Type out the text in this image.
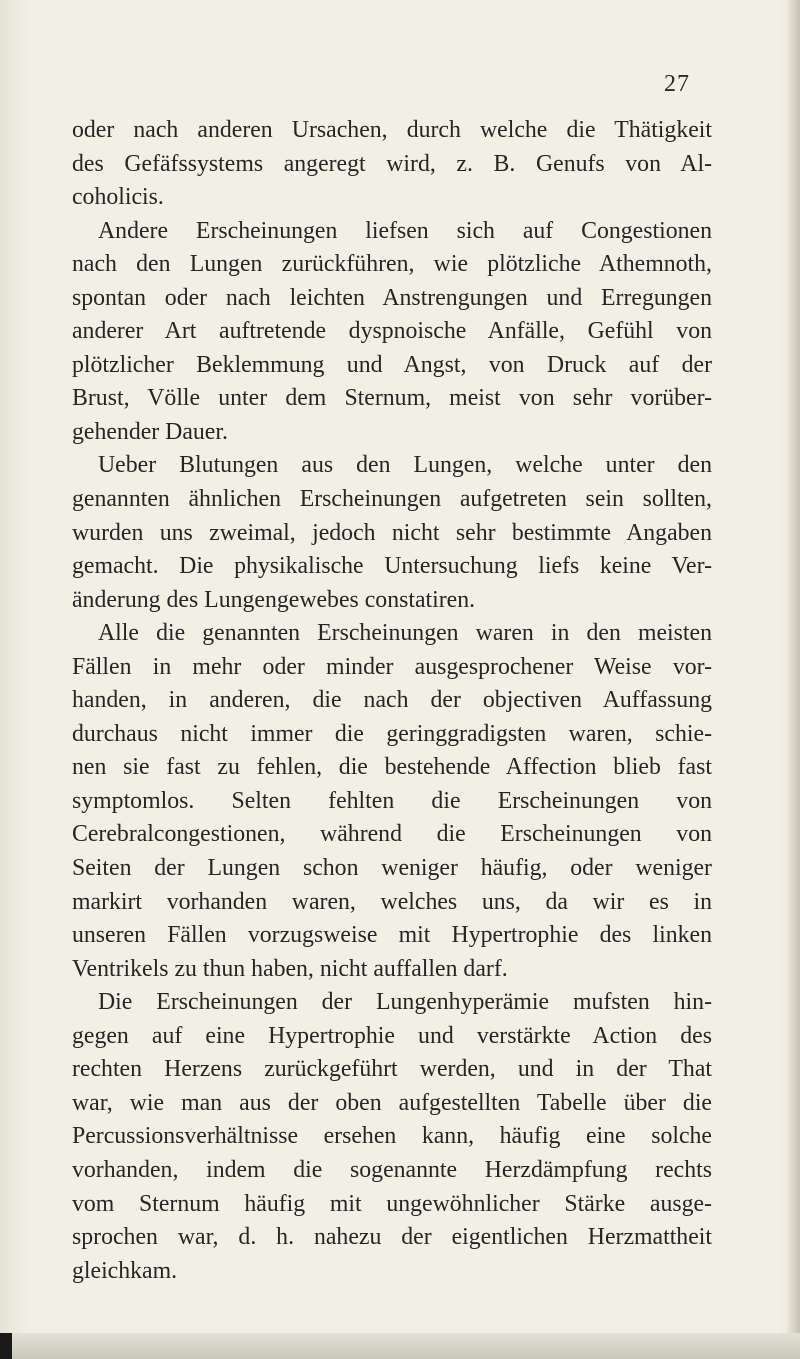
27
oder nach anderen Ursachen, durch welche die Thätigkeit
des Gefäfssystems angeregt wird, z. B. Genufs von Al-
coholicis.
Andere Erscheinungen liefsen sich auf Congestionen
nach den Lungen zurückführen, wie plötzliche Athemnoth,
spontan oder nach leichten Anstrengungen und Erregungen
anderer Art auftretende dyspnoische Anfälle, Gefühl von
plötzlicher Beklemmung und Angst, von Druck auf der
Brust, Völle unter dem Sternum, meist von sehr vorüber-
gehender Dauer.
Ueber Blutungen aus den Lungen, welche unter den
genannten ähnlichen Erscheinungen aufgetreten sein sollten,
wurden uns zweimal, jedoch nicht sehr bestimmte Angaben
gemacht. Die physikalische Untersuchung liefs keine Ver-
änderung des Lungengewebes constatiren.
Alle die genannten Erscheinungen waren in den meisten
Fällen in mehr oder minder ausgesprochener Weise vor-
handen, in anderen, die nach der objectiven Auffassung
durchaus nicht immer die geringgradigsten waren, schie-
nen sie fast zu fehlen, die bestehende Affection blieb fast
symptomlos. Selten fehlten die Erscheinungen von
Cerebralcongestionen, während die Erscheinungen von
Seiten der Lungen schon weniger häufig, oder weniger
markirt vorhanden waren, welches uns, da wir es in
unseren Fällen vorzugsweise mit Hypertrophie des linken
Ventrikels zu thun haben, nicht auffallen darf.
Die Erscheinungen der Lungenhyperämie mufsten hin-
gegen auf eine Hypertrophie und verstärkte Action des
rechten Herzens zurückgeführt werden, und in der That
war, wie man aus der oben aufgestellten Tabelle über die
Percussionsverhältnisse ersehen kann, häufig eine solche
vorhanden, indem die sogenannte Herzdämpfung rechts
vom Sternum häufig mit ungewöhnlicher Stärke ausge-
sprochen war, d. h. nahezu der eigentlichen Herzmattheit
gleichkam.
